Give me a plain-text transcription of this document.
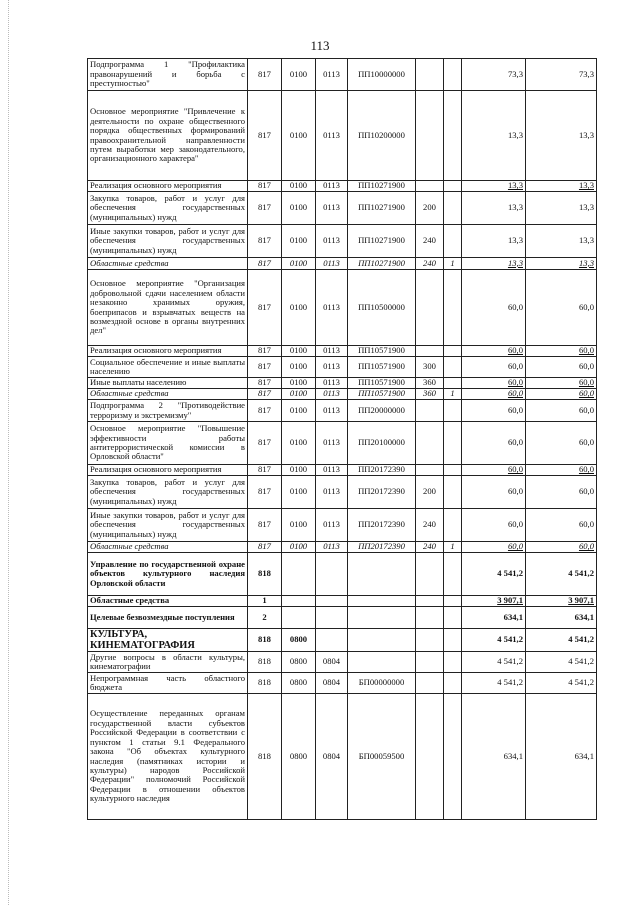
113
Подпрограмма 1 "Профилактика правонарушений и борьба с преступностью"	817	0100	0113	ПП10000000			73,3	73,3
Основное мероприятие "Привлечение к деятельности по охране общественного порядка общественных формирований правоохранительной направленности путем выработки мер законодательного, организационного характера"	817	0100	0113	ПП10200000			13,3	13,3
Реализация основного мероприятия	817	0100	0113	ПП10271900			13,3	13,3
Закупка товаров, работ и услуг для обеспечения государственных (муниципальных) нужд	817	0100	0113	ПП10271900	200		13,3	13,3
Иные закупки товаров, работ и услуг для обеспечения государственных (муниципальных) нужд	817	0100	0113	ПП10271900	240		13,3	13,3
Областные средства	817	0100	0113	ПП10271900	240	1	13,3	13,3
Основное мероприятие "Организация добровольной сдачи населением области незаконно хранимых оружия, боеприпасов и взрывчатых веществ на возмездной основе в органы внутренних дел"	817	0100	0113	ПП10500000			60,0	60,0
Реализация основного мероприятия	817	0100	0113	ПП10571900			60,0	60,0
Социальное обеспечение и иные выплаты населению	817	0100	0113	ПП10571900	300		60,0	60,0
Иные выплаты населению	817	0100	0113	ПП10571900	360		60,0	60,0
Областные средства	817	0100	0113	ПП10571900	360	1	60,0	60,0
Подпрограмма 2 "Противодействие терроризму и экстремизму"	817	0100	0113	ПП20000000			60,0	60,0
Основное мероприятие "Повышение эффективности работы антитеррористической комиссии в Орловской области"	817	0100	0113	ПП20100000			60,0	60,0
Реализация основного мероприятия	817	0100	0113	ПП20172390			60,0	60,0
Закупка товаров, работ и услуг для обеспечения государственных (муниципальных) нужд	817	0100	0113	ПП20172390	200		60,0	60,0
Иные закупки товаров, работ и услуг для обеспечения государственных (муниципальных) нужд	817	0100	0113	ПП20172390	240		60,0	60,0
Областные средства	817	0100	0113	ПП20172390	240	1	60,0	60,0
Управление по государственной охране объектов культурного наследия Орловской области	818						4 541,2	4 541,2
Областные средства	1						3 907,1	3 907,1
Целевые безвозмездные поступления	2						634,1	634,1
КУЛЬТУРА, КИНЕМАТОГРАФИЯ	818	0800					4 541,2	4 541,2
Другие вопросы в области культуры, кинематографии	818	0800	0804				4 541,2	4 541,2
Непрограммная часть областного бюджета	818	0800	0804	БП00000000			4 541,2	4 541,2
Осуществление переданных органам государственной власти субъектов Российской Федерации в соответствии с пунктом 1 статьи 9.1 Федерального закона "Об объектах культурного наследия (памятниках истории и культуры) народов Российской Федерации" полномочий Российской Федерации в отношении объектов культурного наследия	818	0800	0804	БП00059500			634,1	634,1
